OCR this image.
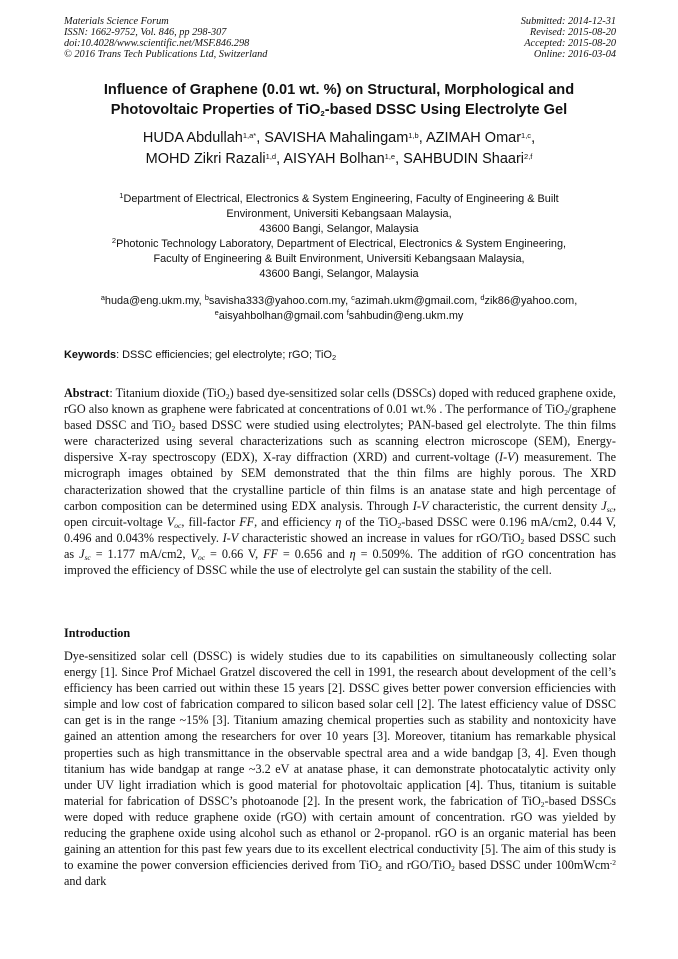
Materials Science Forum
ISSN: 1662-9752, Vol. 846, pp 298-307
doi:10.4028/www.scientific.net/MSF.846.298
© 2016 Trans Tech Publications Ltd, Switzerland
Submitted: 2014-12-31
Revised: 2015-08-20
Accepted: 2015-08-20
Online: 2016-03-04
Influence of Graphene (0.01 wt. %) on Structural, Morphological and
Photovoltaic Properties of TiO$_2$-based DSSC Using Electrolyte Gel
HUDA Abdullah$^{1,a*}$, SAVISHA Mahalingam$^{1,b}$, AZIMAH Omar$^{1,c}$,
MOHD Zikri Razali$^{1,d}$, AISYAH Bolhan$^{1,e}$, SAHBUDIN Shaari$^{2,f}$
$^1$Department of Electrical, Electronics & System Engineering, Faculty of Engineering & Built
Environment, Universiti Kebangsaan Malaysia,
43600 Bangi, Selangor, Malaysia
$^2$Photonic Technology Laboratory, Department of Electrical, Electronics & System Engineering,
Faculty of Engineering & Built Environment, Universiti Kebangsaan Malaysia,
43600 Bangi, Selangor, Malaysia
$^a$huda@eng.ukm.my, $^b$savisha333@yahoo.com.my, $^c$azimah.ukm@gmail.com, $^d$zik86@yahoo.com,
$^e$aisyahbolhan@gmail.com $^f$sahbudin@eng.ukm.my
Keywords: DSSC efficiencies; gel electrolyte; rGO; TiO$_2$

Abstract: Titanium dioxide (TiO$_2$) based dye-sensitized solar cells (DSSCs) doped with reduced graphene oxide, rGO also known as graphene were fabricated at concentrations of 0.01 wt.% . The performance of TiO$_2$/graphene based DSSC and TiO$_2$ based DSSC were studied using electrolytes; PAN-based gel electrolyte. The thin films were characterized using several characterizations such as scanning electron microscope (SEM), Energy-dispersive X-ray spectroscopy (EDX), X-ray diffraction (XRD) and current-voltage (I-V) measurement. The micrograph images obtained by SEM demonstrated that the thin films are highly porous. The XRD characterization showed that the crystalline particle of thin films is an anatase state and high percentage of carbon composition can be determined using EDX analysis. Through I-V characteristic, the current density $J_{sc}$, open circuit-voltage $V_{oc}$, fill-factor FF, and efficiency η of the TiO$_2$-based DSSC were 0.196 mA/cm2, 0.44 V, 0.496 and 0.043% respectively. I-V characteristic showed an increase in values for rGO/TiO$_2$ based DSSC such as $J_{sc} = 1.177$ mA/cm2, $V_{oc} = 0.66$ V, FF = 0.656 and η = 0.509%. The addition of rGO concentration has improved the efficiency of DSSC while the use of electrolyte gel can sustain the stability of the cell.

Introduction

Dye-sensitized solar cell (DSSC) is widely studies due to its capabilities on simultaneously collecting solar energy [1]. Since Prof Michael Gratzel discovered the cell in 1991, the research about development of the cell’s efficiency has been carried out within these 15 years [2]. DSSC gives better power conversion efficiencies with simple and low cost of fabrication compared to silicon based solar cell [2]. The latest efficiency value of DSSC can get is in the range ~15% [3]. Titanium amazing chemical properties such as stability and nontoxicity have gained an attention among the researchers for over 10 years [3]. Moreover, titanium has remarkable physical properties such as high transmittance in the observable spectral area and a wide bandgap [3, 4]. Even though titanium has wide bandgap at range ~3.2 eV at anatase phase, it can demonstrate photocatalytic activity only under UV light irradiation which is good material for photovoltaic application [4]. Thus, titanium is suitable material for fabrication of DSSC’s photoanode [2]. In the present work, the fabrication of TiO$_2$-based DSSCs were doped with reduce graphene oxide (rGO) with certain amount of concentration. rGO was yielded by reducing the graphene oxide using alcohol such as ethanol or 2-propanol. rGO is an organic material has been gaining an attention for this past few years due to its excellent electrical conductivity [5]. The aim of this study is to examine the power conversion efficiencies derived from TiO$_2$ and rGO/TiO$_2$ based DSSC under 100mWcm$^{-2}$ and dark
